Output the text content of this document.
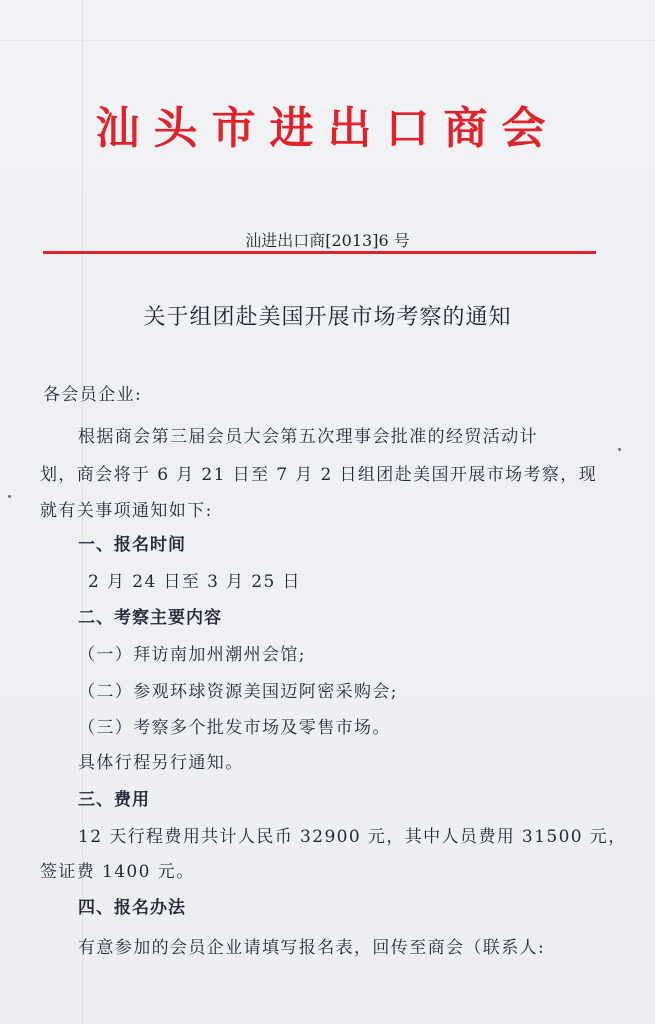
汕头市进出口商会
汕进出口商[2013]6 号
关于组团赴美国开展市场考察的通知
各会员企业:
根据商会第三届会员大会第五次理事会批准的经贸活动计
划，商会将于 6 月 21 日至 7 月 2 日组团赴美国开展市场考察，现
就有关事项通知如下:
一、报名时间
2 月 24 日至 3 月 25 日
二、考察主要内容
（一）拜访南加州潮州会馆;
（二）参观环球资源美国迈阿密采购会;
（三）考察多个批发市场及零售市场。
具体行程另行通知。
三、费用
12 天行程费用共计人民币 32900 元，其中人员费用 31500 元，
签证费 1400 元。
四、报名办法
有意参加的会员企业请填写报名表，回传至商会（联系人:
